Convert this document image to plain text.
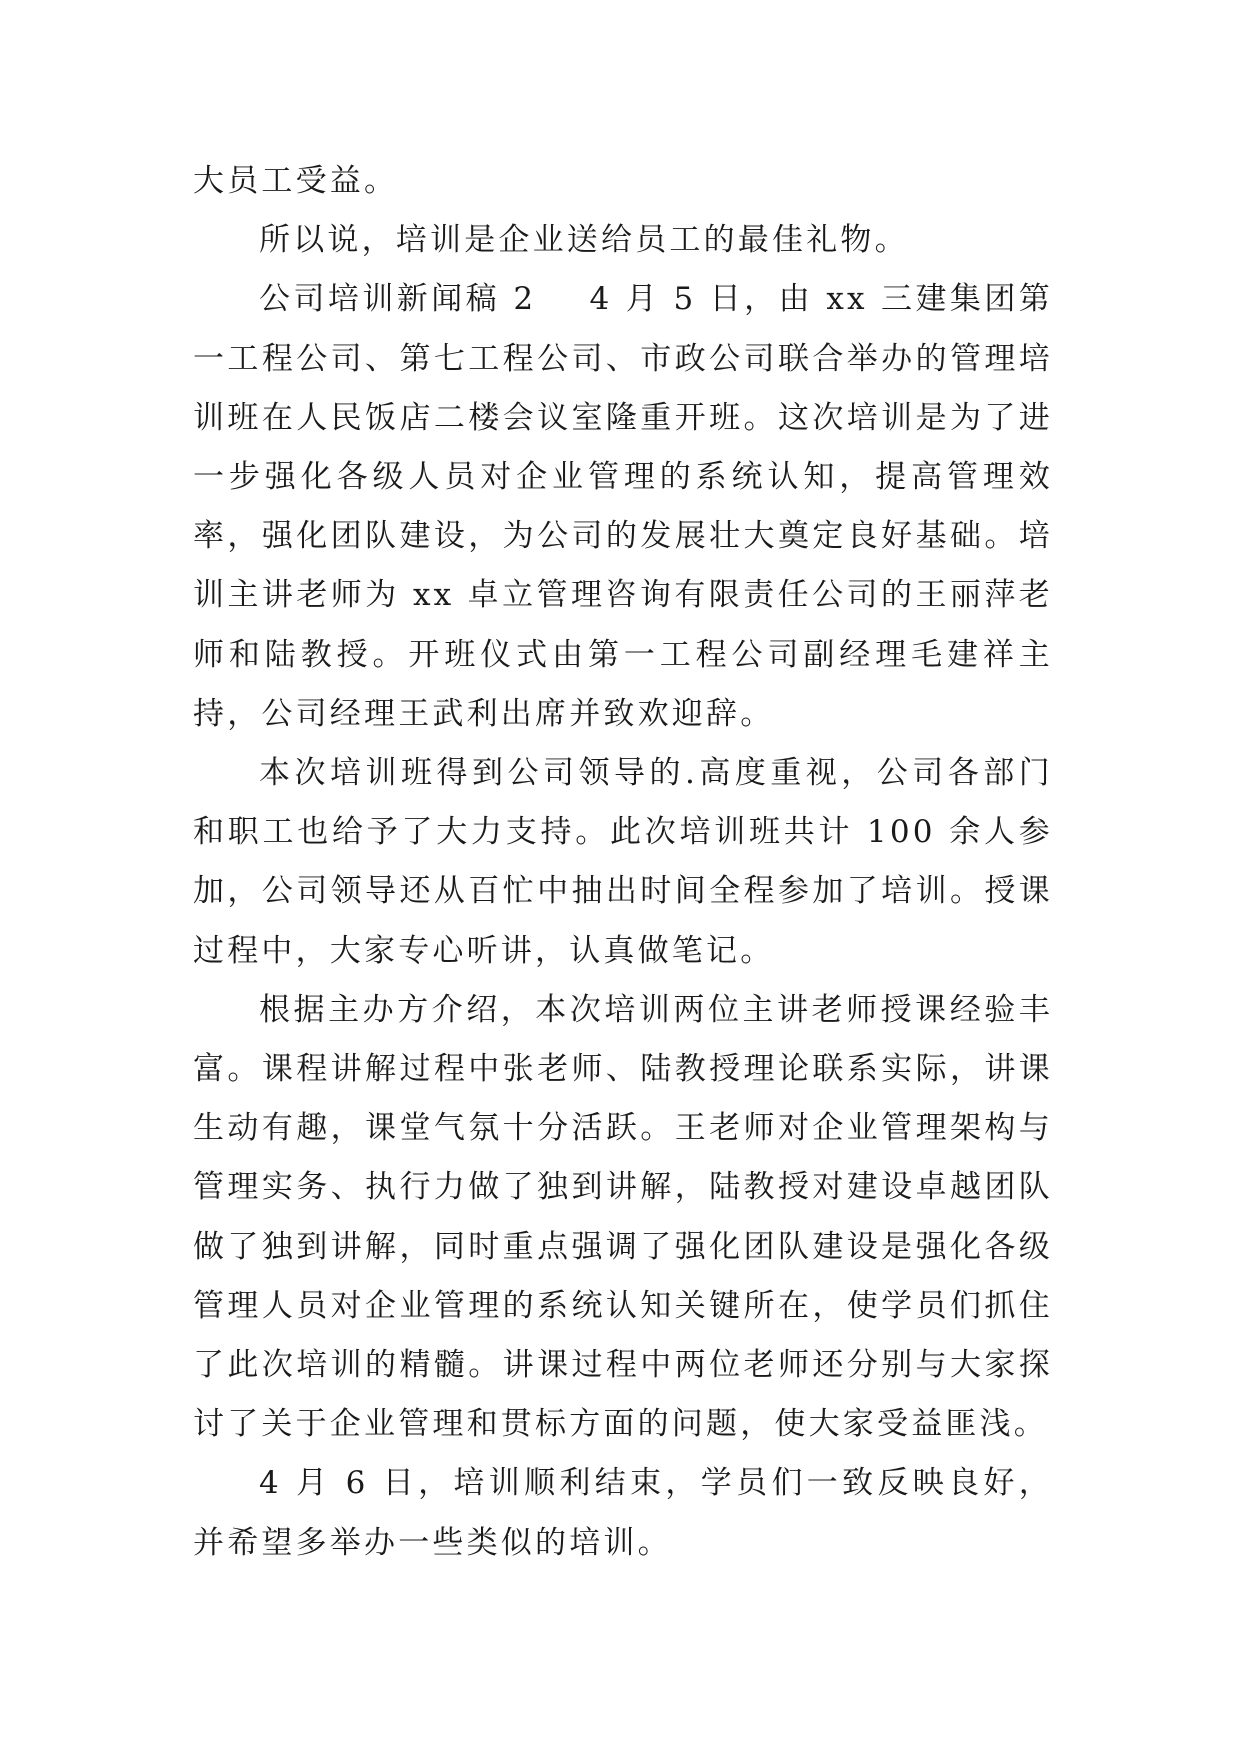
大员工受益。

所以说，培训是企业送给员工的最佳礼物。

公司培训新闻稿 2    4 月 5 日，由 xx 三建集团第一工程公司、第七工程公司、市政公司联合举办的管理培训班在人民饭店二楼会议室隆重开班。这次培训是为了进一步强化各级人员对企业管理的系统认知，提高管理效率，强化团队建设，为公司的发展壮大奠定良好基础。培训主讲老师为 xx 卓立管理咨询有限责任公司的王丽萍老师和陆教授。开班仪式由第一工程公司副经理毛建祥主持，公司经理王武利出席并致欢迎辞。

本次培训班得到公司领导的.高度重视，公司各部门和职工也给予了大力支持。此次培训班共计 100 余人参加，公司领导还从百忙中抽出时间全程参加了培训。授课过程中，大家专心听讲，认真做笔记。

根据主办方介绍，本次培训两位主讲老师授课经验丰富。课程讲解过程中张老师、陆教授理论联系实际，讲课生动有趣，课堂气氛十分活跃。王老师对企业管理架构与管理实务、执行力做了独到讲解，陆教授对建设卓越团队做了独到讲解，同时重点强调了强化团队建设是强化各级管理人员对企业管理的系统认知关键所在，使学员们抓住了此次培训的精髓。讲课过程中两位老师还分别与大家探讨了关于企业管理和贯标方面的问题，使大家受益匪浅。

4 月 6 日，培训顺利结束，学员们一致反映良好，并希望多举办一些类似的培训。
